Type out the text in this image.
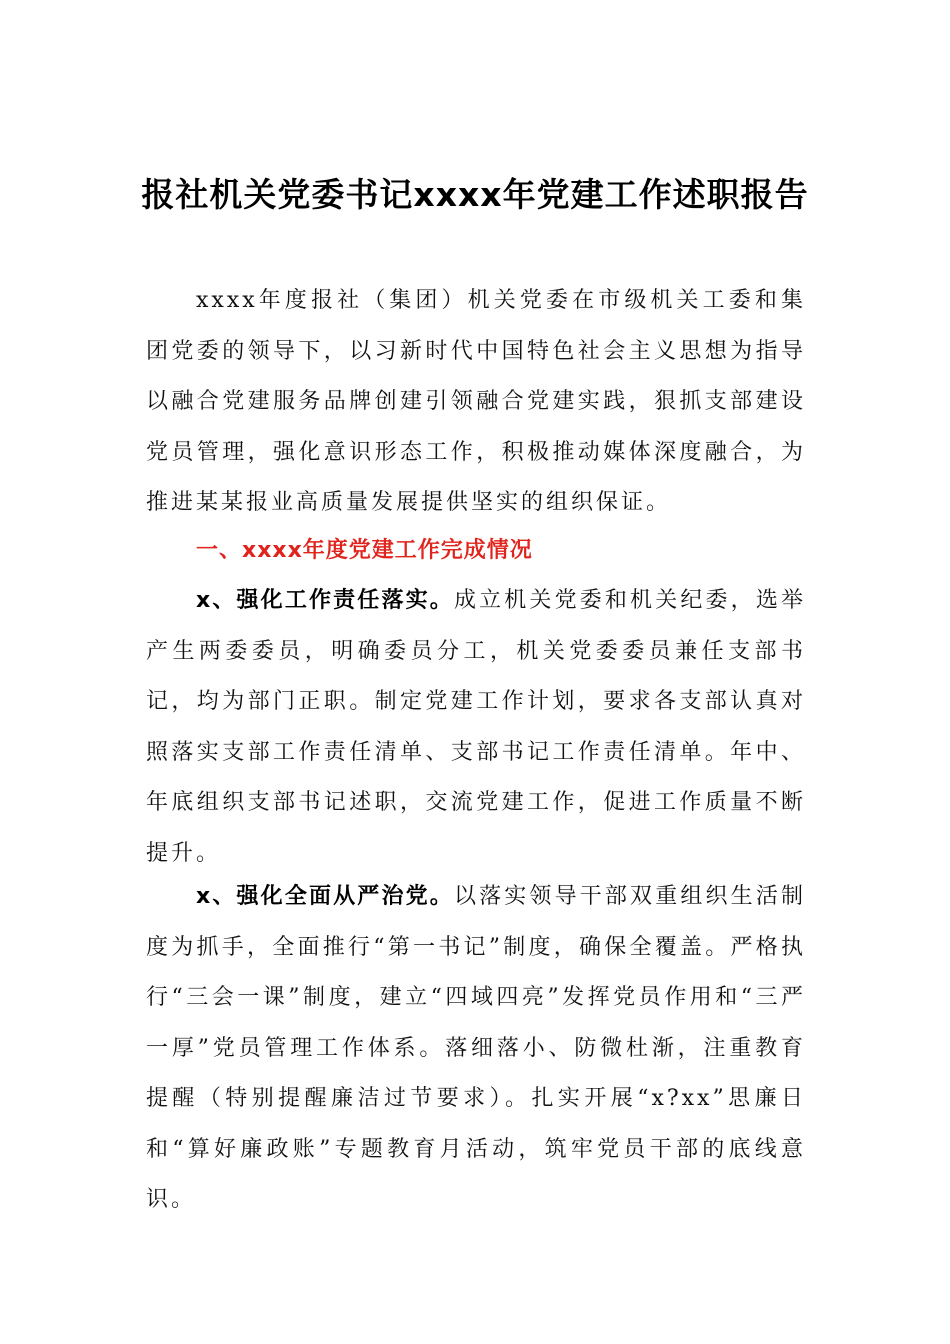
报社机关党委书记xxxx年党建工作述职报告

xxxx年度报社（集团）机关党委在市级机关工委和集团党委的领导下，以习新时代中国特色社会主义思想为指导以融合党建服务品牌创建引领融合党建实践，狠抓支部建设党员管理，强化意识形态工作，积极推动媒体深度融合，为推进某某报业高质量发展提供坚实的组织保证。

一、xxxx年度党建工作完成情况

x、强化工作责任落实。成立机关党委和机关纪委，选举产生两委委员，明确委员分工，机关党委委员兼任支部书记，均为部门正职。制定党建工作计划，要求各支部认真对照落实支部工作责任清单、支部书记工作责任清单。年中、年底组织支部书记述职，交流党建工作，促进工作质量不断提升。

x、强化全面从严治党。以落实领导干部双重组织生活制度为抓手，全面推行“第一书记”制度，确保全覆盖。严格执行“三会一课”制度，建立“四域四亮”发挥党员作用和“三严一厚”党员管理工作体系。落细落小、防微杜渐，注重教育提醒（特别提醒廉洁过节要求）。扎实开展“x?xx”思廉日和“算好廉政账”专题教育月活动，筑牢党员干部的底线意识。
